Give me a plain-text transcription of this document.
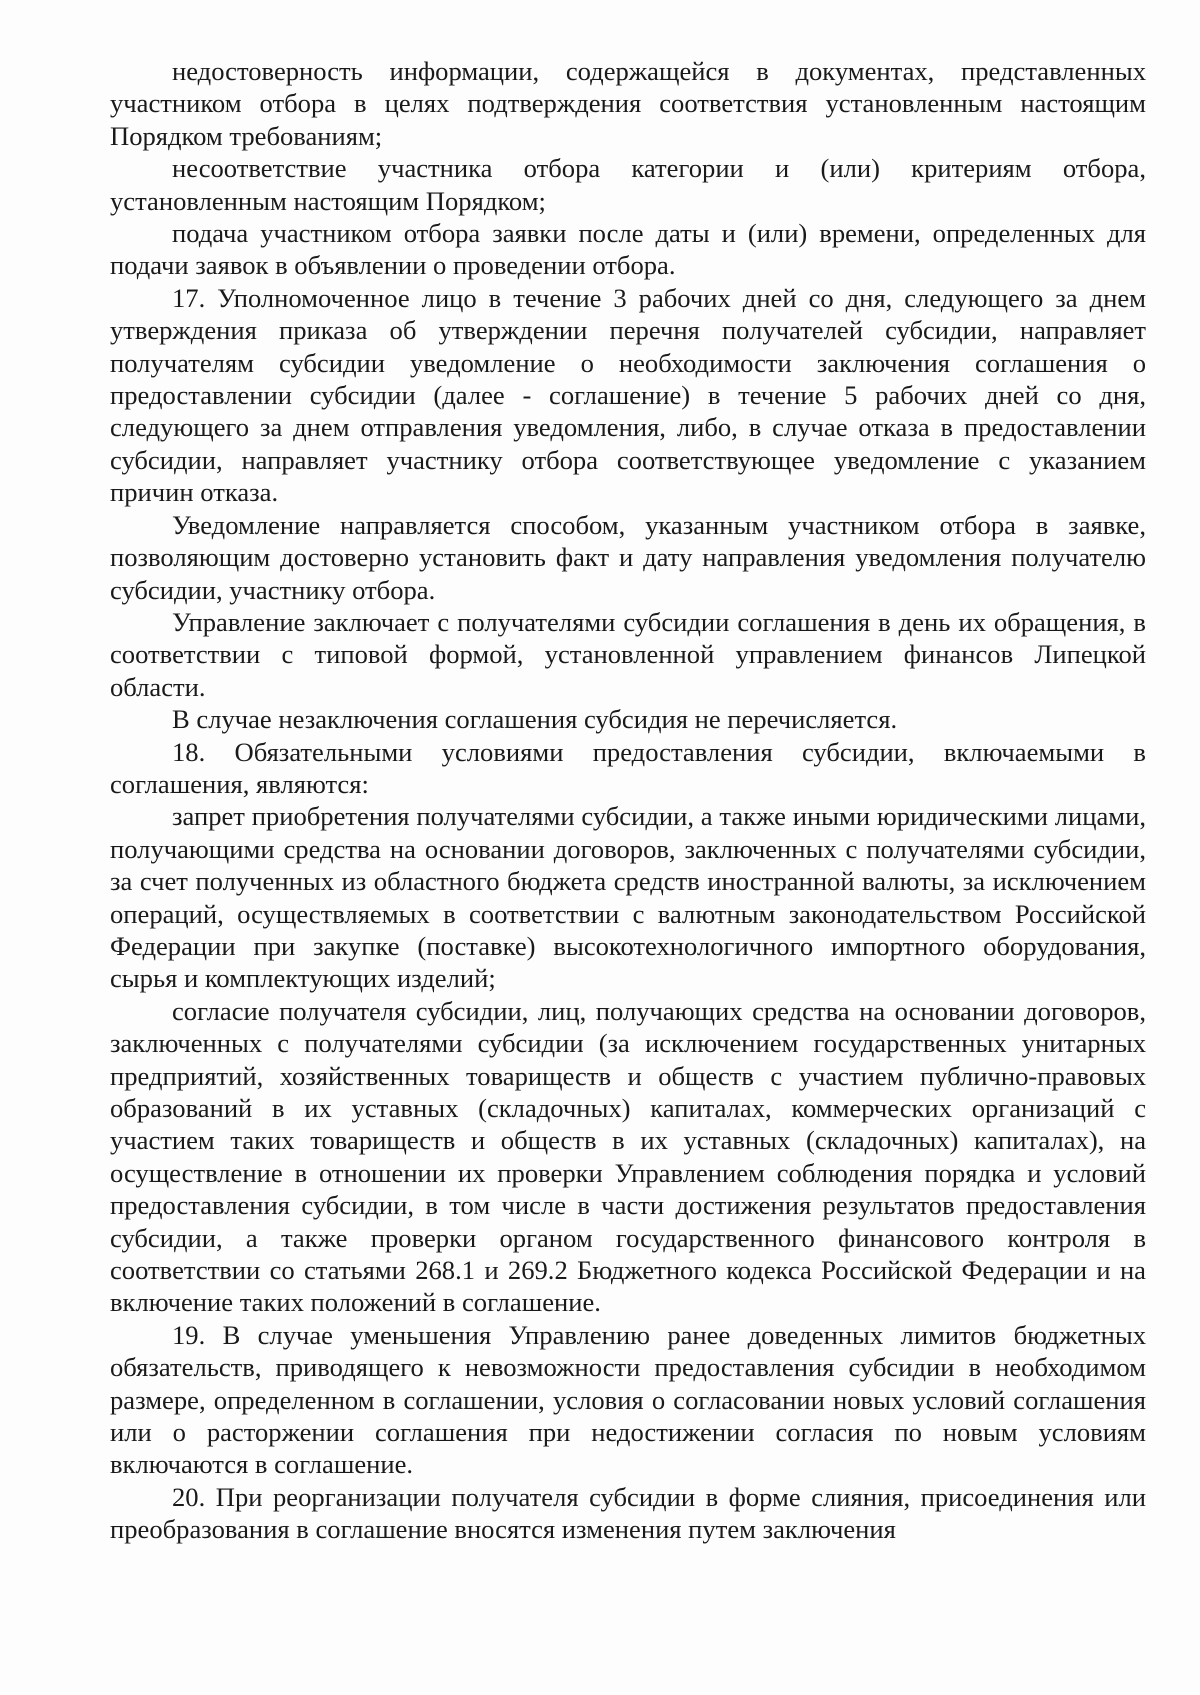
недостоверность информации, содержащейся в документах, представленных участником отбора в целях подтверждения соответствия установленным настоящим Порядком требованиям;

несоответствие участника отбора категории и (или) критериям отбора, установленным настоящим Порядком;

подача участником отбора заявки после даты и (или) времени, определенных для подачи заявок в объявлении о проведении отбора.

17. Уполномоченное лицо в течение 3 рабочих дней со дня, следующего за днем утверждения приказа об утверждении перечня получателей субсидии, направляет получателям субсидии уведомление о необходимости заключения соглашения о предоставлении субсидии (далее - соглашение) в течение 5 рабочих дней со дня, следующего за днем отправления уведомления, либо, в случае отказа в предоставлении субсидии, направляет участнику отбора соответствующее уведомление с указанием причин отказа.

Уведомление направляется способом, указанным участником отбора в заявке, позволяющим достоверно установить факт и дату направления уведомления получателю субсидии, участнику отбора.

Управление заключает с получателями субсидии соглашения в день их обращения, в соответствии с типовой формой, установленной управлением финансов Липецкой области.

В случае незаключения соглашения субсидия не перечисляется.

18. Обязательными условиями предоставления субсидии, включаемыми в соглашения, являются:

запрет приобретения получателями субсидии, а также иными юридическими лицами, получающими средства на основании договоров, заключенных с получателями субсидии, за счет полученных из областного бюджета средств иностранной валюты, за исключением операций, осуществляемых в соответствии с валютным законодательством Российской Федерации при закупке (поставке) высокотехнологичного импортного оборудования, сырья и комплектующих изделий;

согласие получателя субсидии, лиц, получающих средства на основании договоров, заключенных с получателями субсидии (за исключением государственных унитарных предприятий, хозяйственных товариществ и обществ с участием публично-правовых образований в их уставных (складочных) капиталах, коммерческих организаций с участием таких товариществ и обществ в их уставных (складочных) капиталах), на осуществление в отношении их проверки Управлением соблюдения порядка и условий предоставления субсидии, в том числе в части достижения результатов предоставления субсидии, а также проверки органом государственного финансового контроля в соответствии со статьями 268.1 и 269.2 Бюджетного кодекса Российской Федерации и на включение таких положений в соглашение.

19. В случае уменьшения Управлению ранее доведенных лимитов бюджетных обязательств, приводящего к невозможности предоставления субсидии в необходимом размере, определенном в соглашении, условия о согласовании новых условий соглашения или о расторжении соглашения при недостижении согласия по новым условиям включаются в соглашение.

20. При реорганизации получателя субсидии в форме слияния, присоединения или преобразования в соглашение вносятся изменения путем заключения
